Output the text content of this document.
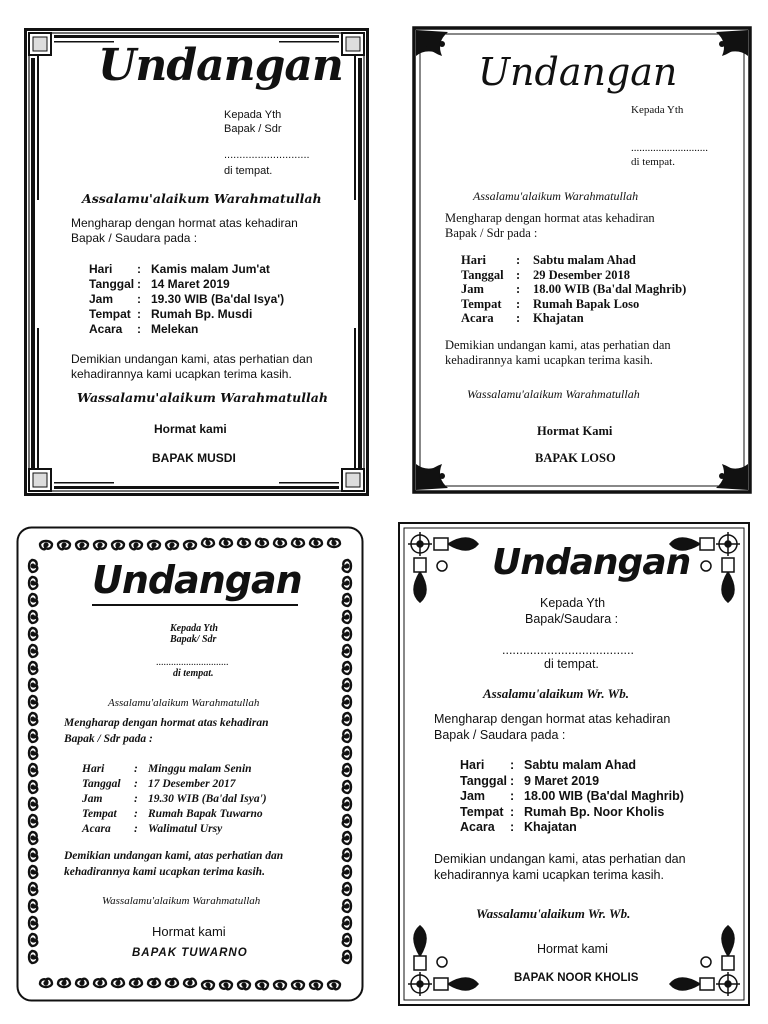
Undangan
Kepada Yth
Bapak / Sdr
............................
di tempat.
Assalamu'alaikum Warahmatullah
Mengharap dengan hormat atas kehadiran
Bapak / Saudara pada :
Hari	: Kamis malam Jum'at
Tanggal : 14 Maret 2019
Jam	: 19.30 WIB (Ba'dal Isya')
Tempat : Rumah Bp. Musdi
Acara	: Melekan
Demikian undangan kami, atas perhatian dan
kehadirannya kami ucapkan terima kasih.
Wassalamu'alaikum Warahmatullah
Hormat kami
BAPAK MUSDI
Undangan
Kepada Yth
............................
di tempat.
Assalamu'alaikum Warahmatullah
Mengharap dengan hormat atas kehadiran
Bapak / Sdr pada :
Hari	:	Sabtu malam Ahad
Tanggal :	29 Desember 2018
Jam	:	18.00 WIB (Ba'dal Maghrib)
Tempat	:	Rumah Bapak Loso
Acara	:	Khajatan
Demikian undangan kami, atas perhatian dan
kehadirannya kami ucapkan terima kasih.
Wassalamu'alaikum Warahmatullah
Hormat Kami
BAPAK LOSO
Undangan
Kepada Yth
Bapak/ Sdr
.............................
di tempat.
Assalamu'alaikum Warahmatullah
Mengharap dengan hormat atas kehadiran
Bapak / Sdr pada :
Hari	: Minggu malam Senin
Tanggal	: 17 Desember 2017
Jam	: 19.30 WIB (Ba'dal Isya')
Tempat	: Rumah Bapak Tuwarno
Acara	: Walimatul Ursy
Demikian undangan kami, atas perhatian dan
kehadirannya kami ucapkan terima kasih.
Wassalamu'alaikum Warahmatullah
Hormat kami
BAPAK TUWARNO
Undangan
Kepada Yth
Bapak/Saudara :
......................................
di tempat.
Assalamu'alaikum Wr. Wb.
Mengharap dengan hormat atas kehadiran
Bapak / Saudara pada :
Hari	: Sabtu malam Ahad
Tanggal : 9 Maret 2019
Jam	: 18.00 WIB (Ba'dal Maghrib)
Tempat : Rumah Bp. Noor Kholis
Acara	: Khajatan
Demikian undangan kami, atas perhatian dan
kehadirannya kami ucapkan terima kasih.
Wassalamu'alaikum Wr. Wb.
Hormat kami
BAPAK NOOR KHOLIS
